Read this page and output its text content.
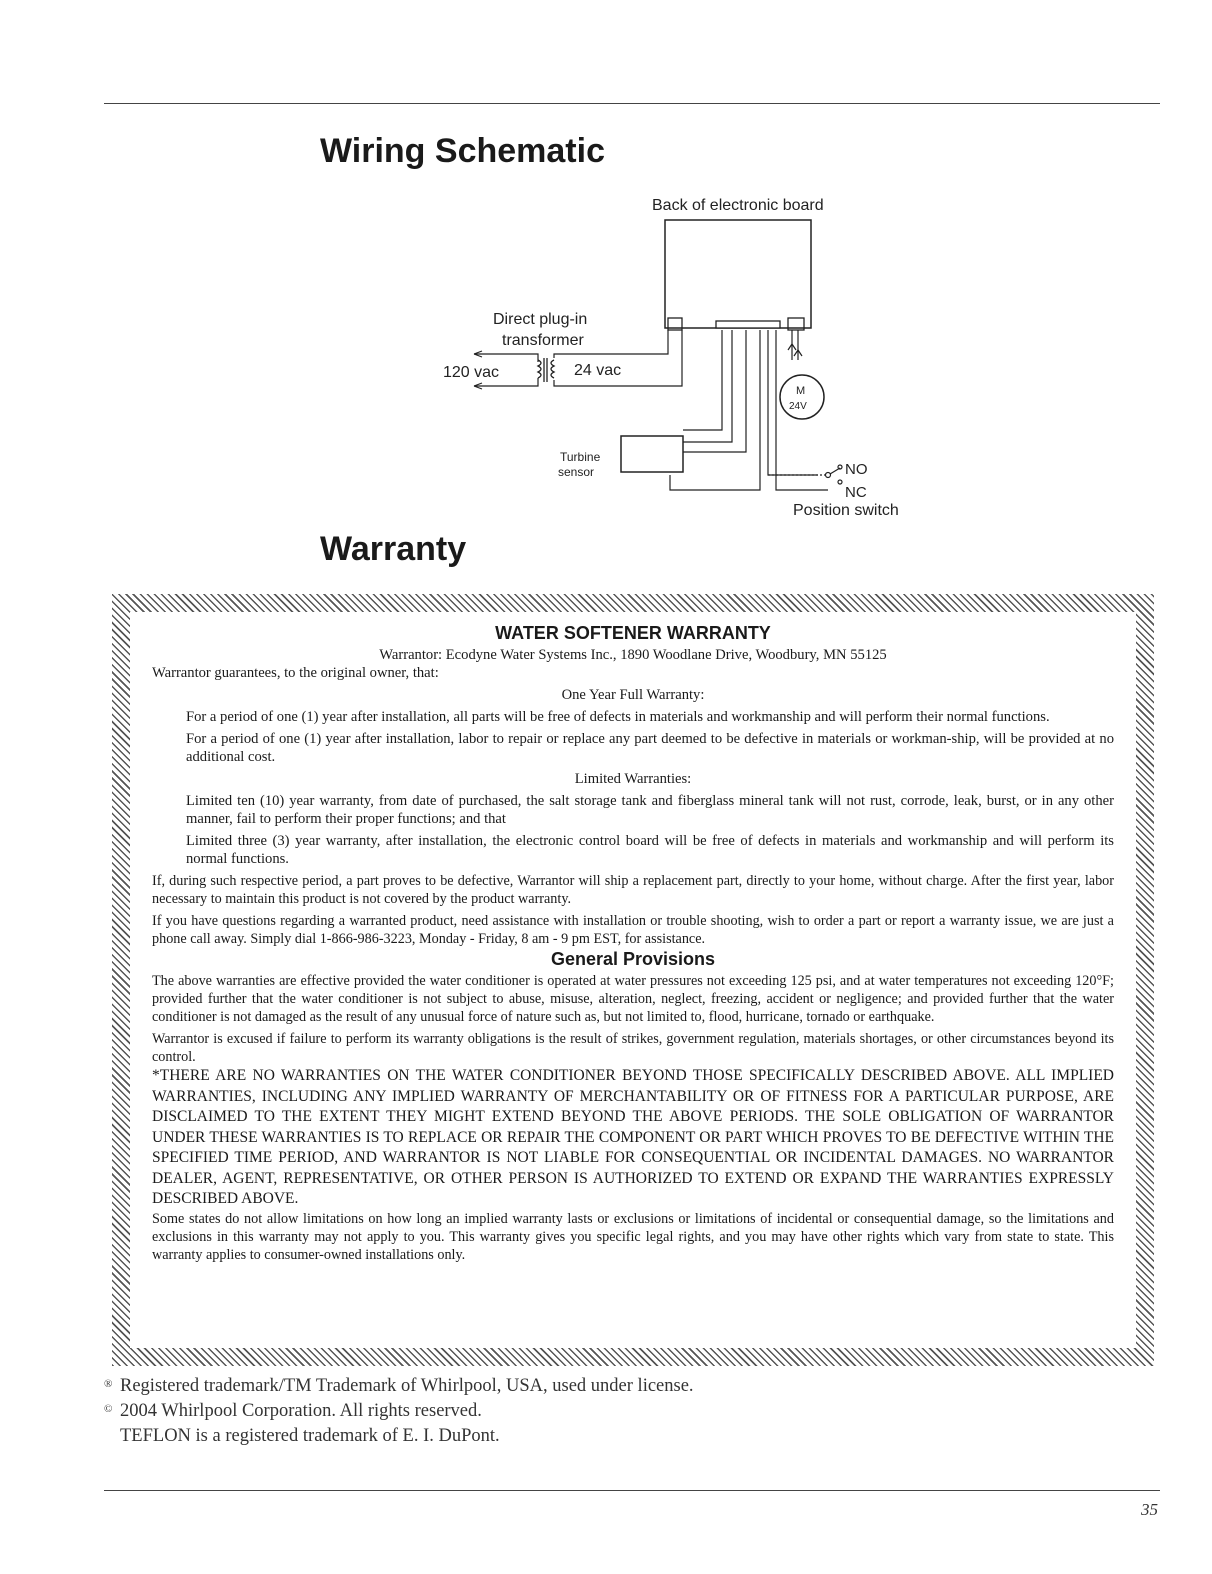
Wiring Schematic
Back of electronic board
Direct plug-in
transformer
120 vac	24 vac
Turbine
sensor
M
24V
NO
NC
Position switch
Warranty

WATER SOFTENER WARRANTY

Warrantor: Ecodyne Water Systems Inc., 1890 Woodlane Drive, Woodbury, MN 55125

Warrantor guarantees, to the original owner, that:

One Year Full Warranty:

For a period of one (1) year after installation, all parts will be free of defects in materials and workmanship and will perform their normal functions.

For a period of one (1) year after installation, labor to repair or replace any part deemed to be defective in materials or workman-ship, will be provided at no additional cost.

Limited Warranties:

Limited ten (10) year warranty, from date of purchased, the salt storage tank and fiberglass mineral tank will not rust, corrode, leak, burst, or in any other manner, fail to perform their proper functions; and that

Limited three (3) year warranty, after installation, the electronic control board will be free of defects in materials and workmanship and will perform its normal functions.

If, during such respective period, a part proves to be defective, Warrantor will ship a replacement part, directly to your home, without charge. After the first year, labor necessary to maintain this product is not covered by the product warranty.

If you have questions regarding a warranted product, need assistance with installation or trouble shooting, wish to order a part or report a warranty issue, we are just a phone call away. Simply dial 1-866-986-3223, Monday - Friday, 8 am - 9 pm EST, for assistance.

General Provisions

The above warranties are effective provided the water conditioner is operated at water pressures not exceeding 125 psi, and at water temperatures not exceeding 120°F; provided further that the water conditioner is not subject to abuse, misuse, alteration, neglect, freezing, accident or negligence; and provided further that the water conditioner is not damaged as the result of any unusual force of nature such as, but not limited to, flood, hurricane, tornado or earthquake.

Warrantor is excused if failure to perform its warranty obligations is the result of strikes, government regulation, materials shortages, or other circumstances beyond its control.

*THERE ARE NO WARRANTIES ON THE WATER CONDITIONER BEYOND THOSE SPECIFICALLY DESCRIBED ABOVE. ALL IMPLIED WARRANTIES, INCLUDING ANY IMPLIED WARRANTY OF MERCHANTABILITY OR OF FITNESS FOR A PARTICULAR PURPOSE, ARE DISCLAIMED TO THE EXTENT THEY MIGHT EXTEND BEYOND THE ABOVE PERIODS. THE SOLE OBLIGATION OF WARRANTOR UNDER THESE WARRANTIES IS TO REPLACE OR REPAIR THE COMPONENT OR PART WHICH PROVES TO BE DEFECTIVE WITHIN THE SPECIFIED TIME PERIOD, AND WARRANTOR IS NOT LIABLE FOR CONSEQUENTIAL OR INCIDENTAL DAMAGES. NO WARRANTOR DEALER, AGENT, REPRESENTATIVE, OR OTHER PERSON IS AUTHORIZED TO EXTEND OR EXPAND THE WARRANTIES EXPRESSLY DESCRIBED ABOVE.

Some states do not allow limitations on how long an implied warranty lasts or exclusions or limitations of incidental or consequential damage, so the limitations and exclusions in this warranty may not apply to you. This warranty gives you specific legal rights, and you may have other rights which vary from state to state. This warranty applies to consumer-owned installations only.

® Registered trademark/TM Trademark of Whirlpool, USA, used under license.
© 2004 Whirlpool Corporation. All rights reserved.
TEFLON is a registered trademark of E. I. DuPont.
35
